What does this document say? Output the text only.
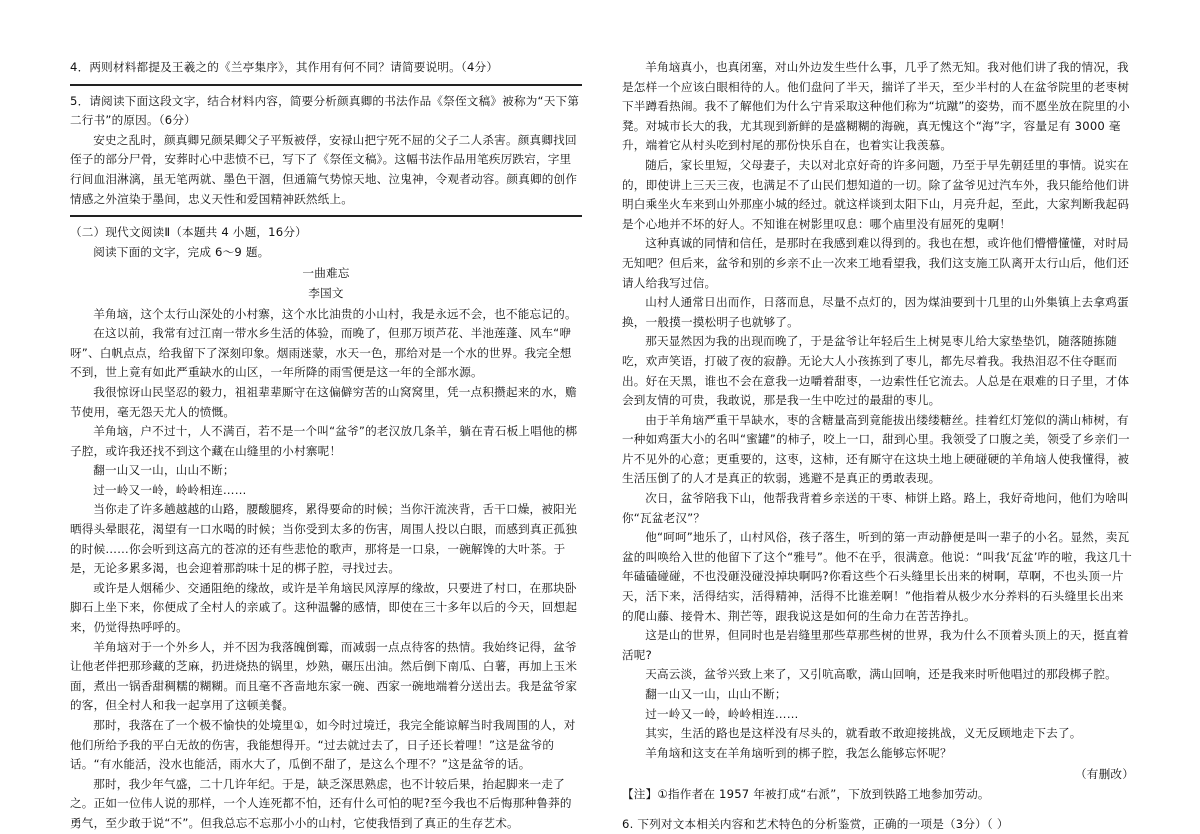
4．两则材料都提及王羲之的《兰亭集序》，其作用有何不同？请简要说明。（4分）

5．请阅读下面这段文字，结合材料内容，简要分析颜真卿的书法作品《祭侄文稿》被称为“天下第二行书”的原因。（6分）

安史之乱时，颜真卿兄颜杲卿父子平叛被俘，安禄山把宁死不屈的父子二人杀害。颜真卿找回侄子的部分尸骨，安葬时心中悲愤不已，写下了《祭侄文稿》。这幅书法作品用笔疾厉跌宕，字里行间血泪淋漓，虽无笔两就、墨色干涸，但通篇气势惊天地、泣鬼神，令观者动容。颜真卿的创作情感之外渲染于墨间，忠义天性和爱国精神跃然纸上。

（二）现代文阅读Ⅱ（本题共 4 小题，16分）

阅读下面的文字，完成 6～9 题。

一曲难忘

李国文

羊角垴，这个太行山深处的小村寨，这个水比油贵的小山村，我是永远不会，也不能忘记的。

在这以前，我常有过江南一带水乡生活的体验，而晚了，但那万顷芦花、半池莲蓬、风车“咿呀”、白帆点点，给我留下了深刻印象。烟雨迷蒙，水天一色，那给对是一个水的世界。我完全想不到，世上竟有如此严重缺水的山区，一年所降的雨雪便是这一年的全部水源。

我很惊讶山民坚忍的毅力，祖祖辈辈厮守在这偏僻穷苦的山窝窝里，凭一点积攒起来的水，赡节使用，毫无怨天尤人的愤慨。

羊角垴，户不过十，人不满百，若不是一个叫“盆爷”的老汉放几条羊，躺在青石板上唱他的梆子腔，或许我还找不到这个藏在山缝里的小村寨呢！

翻一山又一山，山山不断；

过一岭又一岭，岭岭相连……

当你走了许多趟越越的山路，腰酸腿疼，累得要命的时候；当你汗流浃背，舌干口燥，被阳光晒得头晕眼花，渴望有一口水喝的时候；当你受到太多的伤害，周围人投以白眼，而感到真正孤独的时候……你会听到这高亢的苍凉的还有些悲怆的歌声，那将是一口泉，一碗解馋的大叶茶。于是，无论多累多渴，也会迎着那韵味十足的梆子腔，寻找过去。

或许是人烟稀少、交通阻绝的缘故，或许是羊角垴民风淳厚的缘故，只要进了村口，在那块卧脚石上坐下来，你便成了全村人的亲戚了。这种温馨的感情，即使在三十多年以后的今天，回想起来，仍觉得热呼呼的。

羊角垴对于一个外乡人，并不因为我落魄倒霉，而减弱一点点待客的热情。我始终记得，盆爷让他老伴把那珍藏的芝麻，扔进烧热的锅里，炒熟，碾压出油。然后倒下南瓜、白薯，再加上玉米面，煮出一锅香甜稠糯的糊糊。而且毫不吝啬地东家一碗、西家一碗地端着分送出去。我是盆爷家的客，但全村人和我一起享用了这顿美餐。

那时，我落在了一个极不愉快的处境里①，如今时过境迁，我完全能谅解当时我周围的人，对他们所给予我的平白无故的伤害，我能想得开。“过去就过去了，日子还长着哩！”这是盆爷的话。“有水能活，没水也能活，雨水大了，瓜倒不甜了，是这么个理不？”这是盆爷的话。

那时，我少年气盛，二十几许年纪。于是，缺乏深思熟虑，也不计较后果，抬起脚来一走了之。正如一位伟人说的那样，一个人连死都不怕，还有什么可怕的呢?至今我也不后悔那种鲁莽的勇气，至少敢于说“不”。但我总忘不忘那小小的山村，它使我悟到了真正的生存艺术。

羊角垴真小，也真闭塞，对山外边发生些什么事，几乎了然无知。我对他们讲了我的情况，我是怎样一个应该白眼相待的人。他们盘问了半天，揣详了半天，至少半村的人在盆爷院里的老枣树下半蹲看热闹。我不了解他们为什么宁肯采取这种他们称为“坑蹴”的姿势，而不愿坐放在院里的小凳。对城市长大的我，尤其现到新鲜的是盛糊糊的海碗，真无愧这个“海”字，容量足有 3000 毫升，端着它从村头吃到村尾的那份快乐自在，也着实让我羡慕。

随后，家长里短，父母妻子，夫以对北京好奇的许多问题，乃至于早先朝廷里的事情。说实在的，即使讲上三天三夜，也满足不了山民们想知道的一切。除了盆爷见过汽车外，我只能给他们讲明白乘坐火车来到山外那座小城的经过。就这样谈到太阳下山，月亮升起，至此，大家判断我起码是个心地并不坏的好人。不知谁在树影里叹息：哪个庙里没有屈死的鬼啊！

这种真诚的同情和信任，是那时在我感到难以得到的。我也在想，或许他们懵懵懂懂，对时局无知吧？但后来，盆爷和别的乡亲不止一次来工地看望我，我们这支施工队离开太行山后，他们还请人给我写过信。

山村人通常日出而作，日落而息，尽量不点灯的，因为煤油要到十几里的山外集镇上去拿鸡蛋换，一般摸一摸松明子也就够了。

那天显然因为我的出现而晚了，于是盆爷让年轻后生上树晃枣儿给大家垫垫饥，随落随拣随吃，欢声笑语，打破了夜的寂静。无论大人小孩拣到了枣儿，都先尽着我。我热泪忍不住夺眶而出。好在天黑，谁也不会在意我一边嚼着甜枣，一边索性任它流去。人总是在艰难的日子里，才体会到友情的可贵，我敢说，那是我一生中吃过的最甜的枣儿。

由于羊角垴严重干旱缺水，枣的含糖量高到竟能拔出缕缕糖丝。挂着红灯笼似的满山柿树，有一种如鸡蛋大小的名叫“蜜罐”的柿子，咬上一口，甜到心里。我领受了口腹之美，领受了乡亲们一片不见外的心意；更重要的，这枣，这柿，还有厮守在这块土地上硬碰硬的羊角垴人使我懂得，被生活压倒了的人才是真正的软弱，逃避不是真正的勇敢表现。

次日，盆爷陪我下山，他帮我背着乡亲送的干枣、柿饼上路。路上，我好奇地问，他们为啥叫你“瓦盆老汉”？

他“呵呵”地乐了，山村风俗，孩子落生，听到的第一声动静便是叫一辈子的小名。显然，卖瓦盆的叫唤给入世的他留下了这个“雅号”。他不在乎，很满意。他说：“叫我‘瓦盆’咋的啦，我这几十年磕磕碰碰，不也没砸没碰没掉块啊吗?你看这些个石头缝里长出来的树啊，草啊，不也头顶一片天，活下来，活得结实，活得精神，活得不比谁差啊！”他指着从极少水分养料的石头缝里长出来的爬山藤、接骨木、荆芒等，跟我说这是如何的生命力在苦苦挣扎。

这是山的世界，但同时也是岩缝里那些草那些树的世界，我为什么不顶着头顶上的天，挺直着活呢?

天高云淡，盆爷兴致上来了，又引吭高歌，满山回响，还是我来时听他唱过的那段梆子腔。

翻一山又一山，山山不断；

过一岭又一岭，岭岭相连……

其实，生活的路也是这样没有尽头的，就看敢不敢迎接挑战，义无反顾地走下去了。

羊角垴和这支在羊角垴听到的梆子腔，我怎么能够忘怀呢？

（有删改）

【注】①指作者在 1957 年被打成“右派”，下放到铁路工地参加劳动。

6. 下列对文本相关内容和艺术特色的分析鉴赏，正确的一项是（3分）（ ）
